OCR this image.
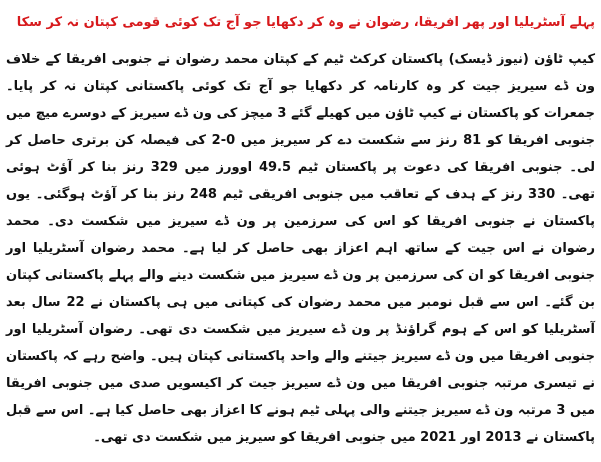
پہلے آسٹریلیا اور پھر افریقا، رضوان نے وہ کر دکھایا جو آج تک کوئی قومی کپتان نہ کر سکا

کیپ ٹاؤن (نیوز ڈیسک) پاکستان کرکٹ ٹیم کے کپتان محمد رضوان نے جنوبی افریقا کے خلاف ون ڈے سیریز جیت کر وہ کارنامہ کر دکھایا جو آج تک کوئی پاکستانی کپتان نہ کر پایا۔ جمعرات کو پاکستان نے کیپ ٹاؤن میں کھیلے گئے 3 میچز کی ون ڈے سیریز کے دوسرے میچ میں جنوبی افریقا کو 81 رنز سے شکست دے کر سیریز میں 0-2 کی فیصلہ کن برتری حاصل کر لی۔ جنوبی افریقا کی دعوت پر پاکستان ٹیم 49.5 اوورز میں 329 رنز بنا کر آؤٹ ہوئی تھی۔ 330 رنز کے ہدف کے تعاقب میں جنوبی افریقی ٹیم 248 رنز بنا کر آؤٹ ہوگئی۔ یوں پاکستان نے جنوبی افریقا کو اس کی سرزمین پر ون ڈے سیریز میں شکست دی۔ محمد رضوان نے اس جیت کے ساتھ اہم اعزاز بھی حاصل کر لیا ہے۔ محمد رضوان آسٹریلیا اور جنوبی افریقا کو ان کی سرزمین پر ون ڈے سیریز میں شکست دینے والے پہلے پاکستانی کپتان بن گئے۔ اس سے قبل نومبر میں محمد رضوان کی کپتانی میں ہی پاکستان نے 22 سال بعد آسٹریلیا کو اس کے ہوم گراؤنڈ پر ون ڈے سیریز میں شکست دی تھی۔ رضوان آسٹریلیا اور جنوبی افریقا میں ون ڈے سیریز جیتنے والے واحد پاکستانی کپتان ہیں۔ واضح رہے کہ پاکستان نے تیسری مرتبہ جنوبی افریقا میں ون ڈے سیریز جیت کر اکیسویں صدی میں جنوبی افریقا میں 3 مرتبہ ون ڈے سیریز جیتنے والی پہلی ٹیم ہونے کا اعزاز بھی حاصل کیا ہے۔ اس سے قبل پاکستان نے 2013 اور 2021 میں جنوبی افریقا کو سیریز میں شکست دی تھی۔
